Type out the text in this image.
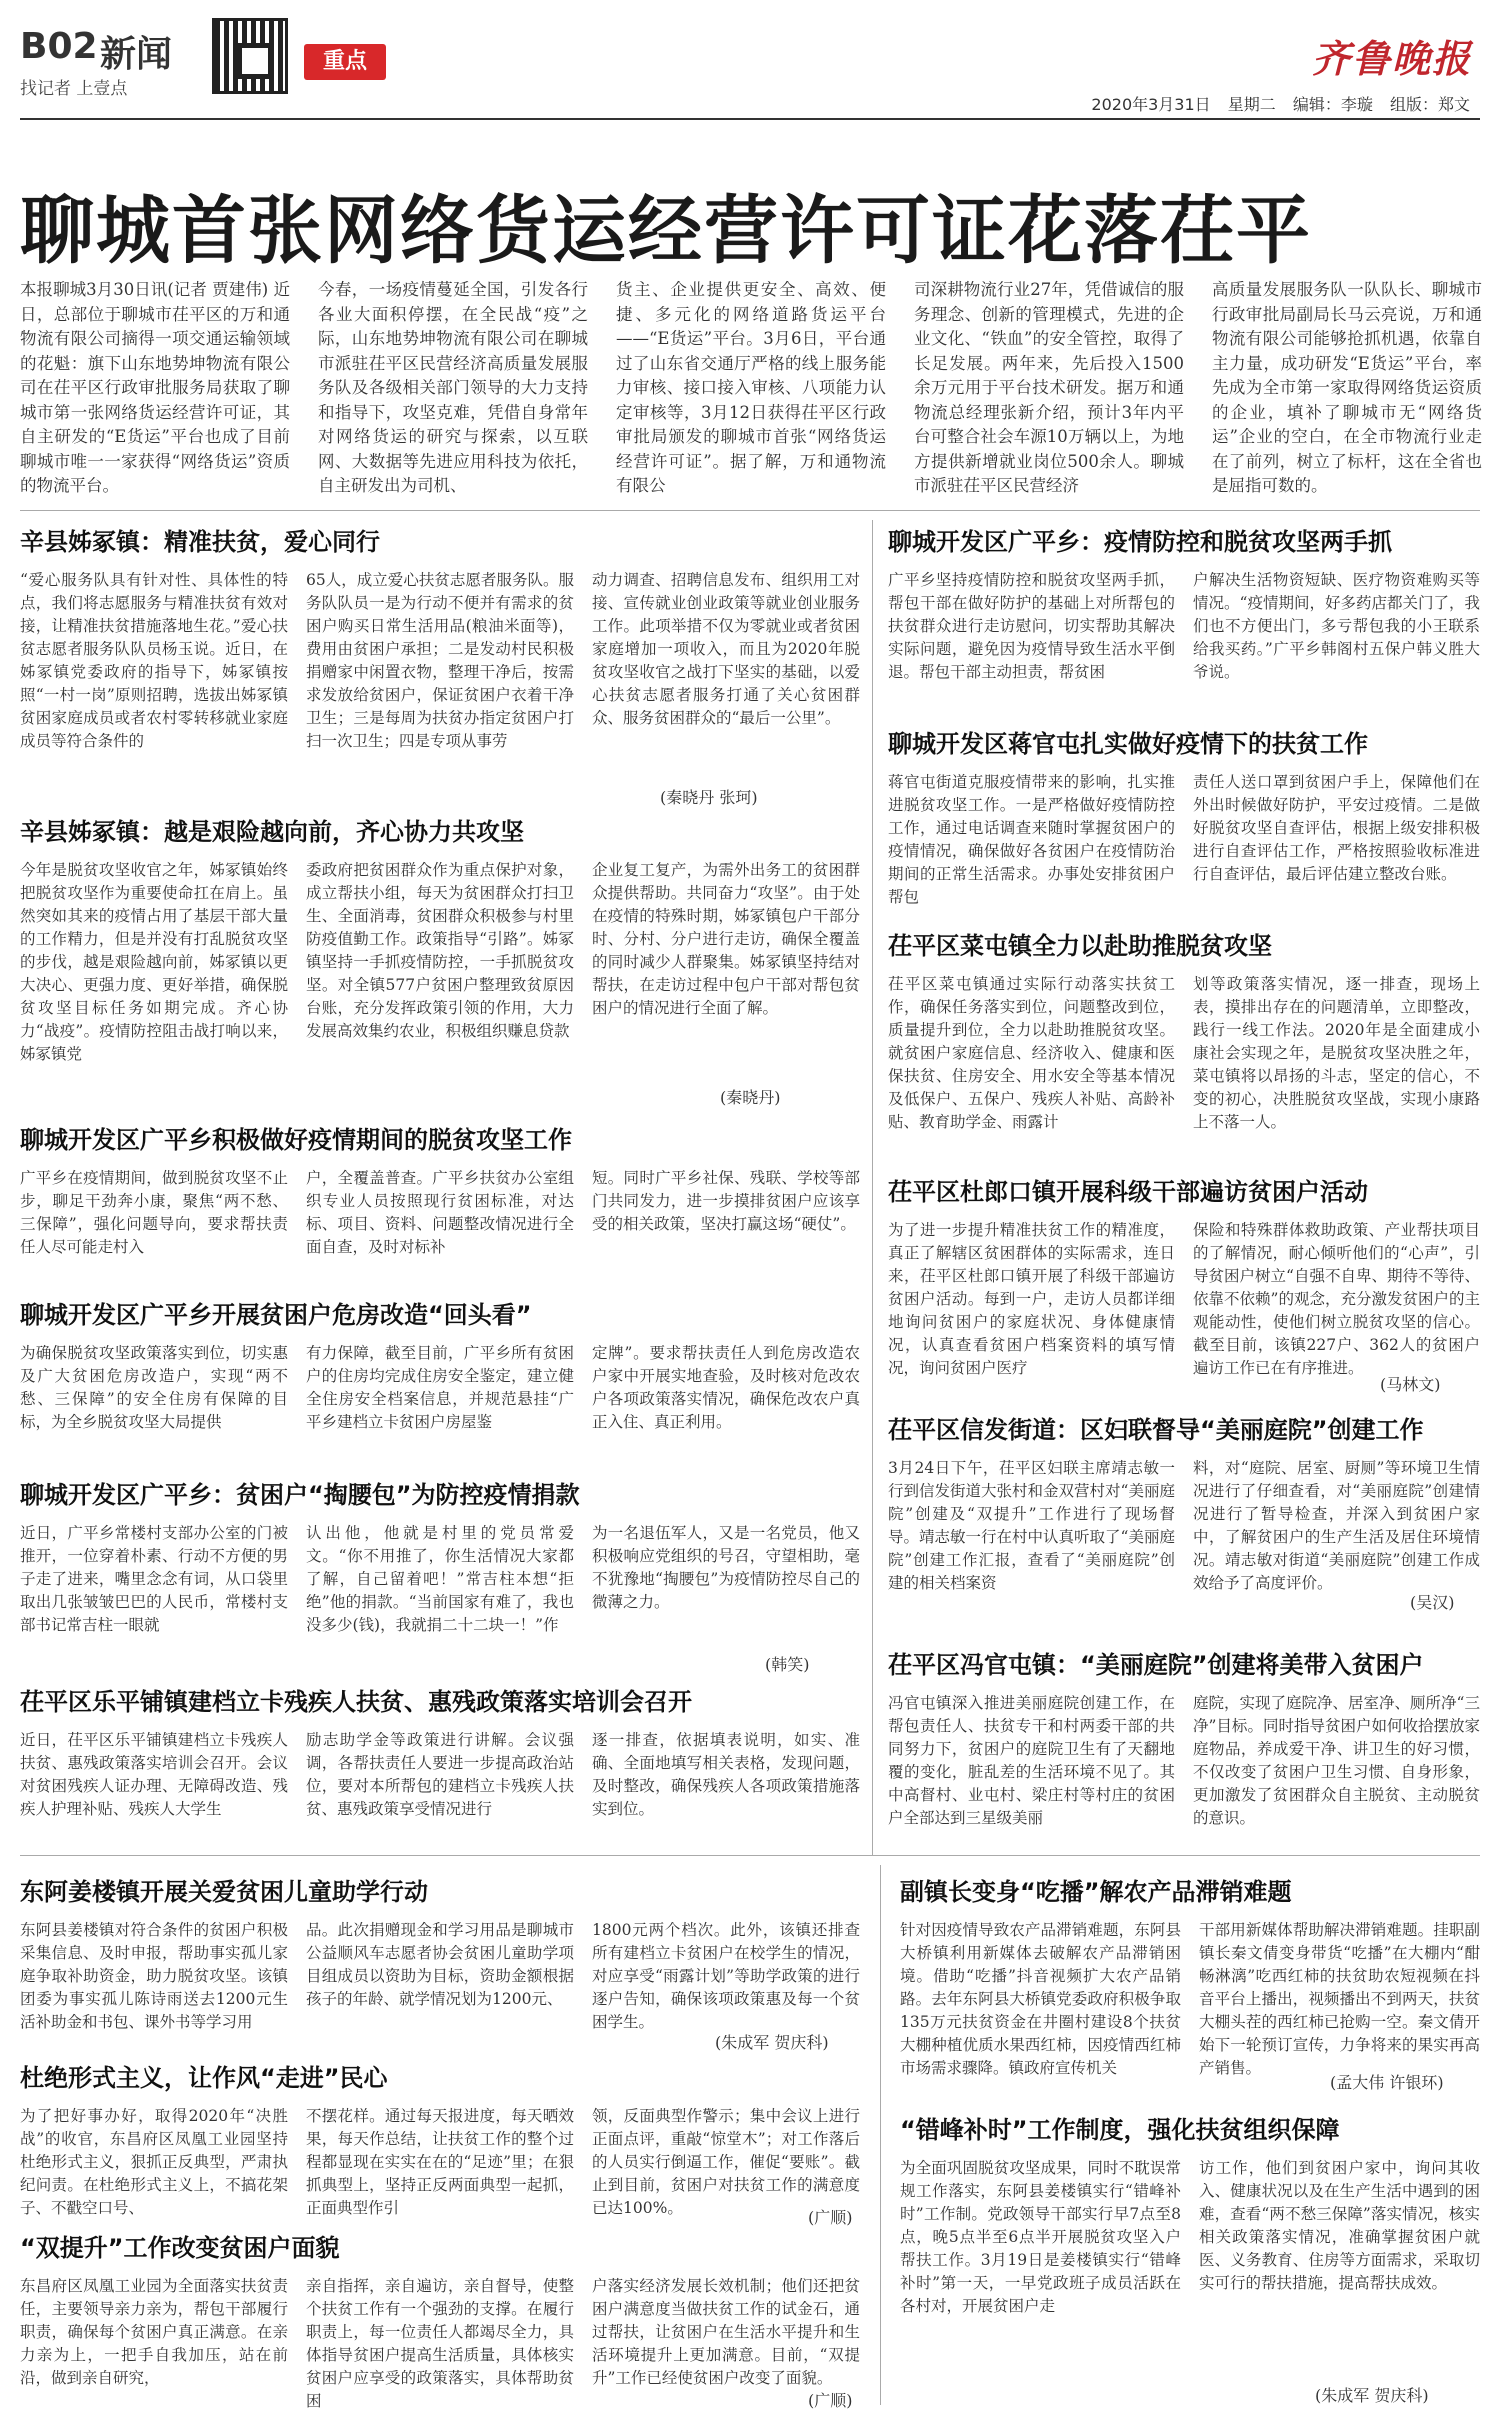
B02 新闻
找记者 上壹点
重点	齐鲁晚报
2020年3月31日 星期二 编辑：李璇 组版：郑文
聊城首张网络货运经营许可证花落茌平

本报聊城3月30日讯(记者 贾建伟) 近日，总部位于聊城市茌平区的万和通物流有限公司摘得一项交通运输领域的花魁：旗下山东地势坤物流有限公司在茌平区行政审批服务局获取了聊城市第一张网络货运经营许可证，其自主研发的“E货运”平台也成了目前聊城市唯一一家获得“网络货运”资质的物流平台。

今春，一场疫情蔓延全国，引发各行各业大面积停摆，在全民战“疫”之际，山东地势坤物流有限公司在聊城市派驻茌平区民营经济高质量发展服务队及各级相关部门领导的大力支持和指导下，攻坚克难，凭借自身常年对网络货运的研究与探索，以互联网、大数据等先进应用科技为依托，自主研发出为司机、

货主、企业提供更安全、高效、便捷、多元化的网络道路货运平台——“E货运”平台。3月6日，平台通过了山东省交通厅严格的线上服务能力审核、接口接入审核、八项能力认定审核等，3月12日获得茌平区行政审批局颁发的聊城市首张“网络货运经营许可证”。据了解，万和通物流有限公

司深耕物流行业27年，凭借诚信的服务理念、创新的管理模式，先进的企业文化、“铁血”的安全管控，取得了长足发展。两年来，先后投入1500余万元用于平台技术研发。据万和通物流总经理张新介绍，预计3年内平台可整合社会车源10万辆以上，为地方提供新增就业岗位500余人。聊城市派驻茌平区民营经济

高质量发展服务队一队队长、聊城市行政审批局副局长马云亮说，万和通物流有限公司能够抢抓机遇，依靠自主力量，成功研发“E货运”平台，率先成为全市第一家取得网络货运资质的企业，填补了聊城市无“网络货运”企业的空白，在全市物流行业走在了前列，树立了标杆，这在全省也是屈指可数的。

辛县姊冢镇：精准扶贫，爱心同行

“爱心服务队具有针对性、具体性的特点，我们将志愿服务与精准扶贫有效对接，让精准扶贫措施落地生花。”爱心扶贫志愿者服务队队员杨玉说。近日，在姊冢镇党委政府的指导下，姊冢镇按照“一村一岗”原则招聘，选拔出姊冢镇贫困家庭成员或者农村零转移就业家庭成员等符合条件的

65人，成立爱心扶贫志愿者服务队。服务队队员一是为行动不便并有需求的贫困户购买日常生活用品(粮油米面等)，费用由贫困户承担；二是发动村民积极捐赠家中闲置衣物，整理干净后，按需求发放给贫困户，保证贫困户衣着干净卫生；三是每周为扶贫办指定贫困户打扫一次卫生；四是专项从事劳

动力调查、招聘信息发布、组织用工对接、宣传就业创业政策等就业创业服务工作。此项举措不仅为零就业或者贫困家庭增加一项收入，而且为2020年脱贫攻坚收官之战打下坚实的基础，以爱心扶贫志愿者服务打通了关心贫困群众、服务贫困群众的“最后一公里”。

(秦晓丹 张珂)
辛县姊冢镇：越是艰险越向前，齐心协力共攻坚

今年是脱贫攻坚收官之年，姊冢镇始终把脱贫攻坚作为重要使命扛在肩上。虽然突如其来的疫情占用了基层干部大量的工作精力，但是并没有打乱脱贫攻坚的步伐，越是艰险越向前，姊冢镇以更大决心、更强力度、更好举措，确保脱贫攻坚目标任务如期完成。齐心协力“战疫”。疫情防控阻击战打响以来，姊冢镇党

委政府把贫困群众作为重点保护对象，成立帮扶小组，每天为贫困群众打扫卫生、全面消毒，贫困群众积极参与村里防疫值勤工作。政策指导“引路”。姊冢镇坚持一手抓疫情防控，一手抓脱贫攻坚。对全镇577户贫困户整理致贫原因台账，充分发挥政策引领的作用，大力发展高效集约农业，积极组织赚息贷款

企业复工复产，为需外出务工的贫困群众提供帮助。共同奋力“攻坚”。由于处在疫情的特殊时期，姊冢镇包户干部分时、分村、分户进行走访，确保全覆盖的同时减少人群聚集。姊冢镇坚持结对帮扶，在走访过程中包户干部对帮包贫困户的情况进行全面了解。

(秦晓丹)
聊城开发区广平乡积极做好疫情期间的脱贫攻坚工作

广平乡在疫情期间，做到脱贫攻坚不止步，聊足干劲奔小康，聚焦“两不愁、三保障”，强化问题导向，要求帮扶责任人尽可能走村入

户，全覆盖普查。广平乡扶贫办公室组织专业人员按照现行贫困标准，对达标、项目、资料、问题整改情况进行全面自查，及时对标补

短。同时广平乡社保、残联、学校等部门共同发力，进一步摸排贫困户应该享受的相关政策，坚决打赢这场“硬仗”。

聊城开发区广平乡开展贫困户危房改造“回头看”

为确保脱贫攻坚政策落实到位，切实惠及广大贫困危房改造户，实现“两不愁、三保障”的安全住房有保障的目标，为全乡脱贫攻坚大局提供

有力保障，截至目前，广平乡所有贫困户的住房均完成住房安全鉴定，建立健全住房安全档案信息，并规范悬挂“广平乡建档立卡贫困户房屋鉴

定牌”。要求帮扶责任人到危房改造农户家中开展实地查验，及时核对危改农户各项政策落实情况，确保危改农户真正入住、真正利用。

聊城开发区广平乡：贫困户“掏腰包”为防控疫情捐款

近日，广平乡常楼村支部办公室的门被推开，一位穿着朴素、行动不方便的男子走了进来，嘴里念念有词，从口袋里取出几张皱皱巴巴的人民币，常楼村支部书记常吉柱一眼就

认出他，他就是村里的党员常爱文。“你不用推了，你生活情况大家都了解，自己留着吧！”常吉柱本想“拒绝”他的捐款。“当前国家有难了，我也没多少(钱)，我就捐二十二块一！”作

为一名退伍军人，又是一名党员，他又积极响应党组织的号召，守望相助，毫不犹豫地“掏腰包”为疫情防控尽自己的微薄之力。

(韩笑)
茌平区乐平铺镇建档立卡残疾人扶贫、惠残政策落实培训会召开

近日，茌平区乐平铺镇建档立卡残疾人扶贫、惠残政策落实培训会召开。会议对贫困残疾人证办理、无障碍改造、残疾人护理补贴、残疾人大学生

励志助学金等政策进行讲解。会议强调，各帮扶责任人要进一步提高政治站位，要对本所帮包的建档立卡残疾人扶贫、惠残政策享受情况进行

逐一排查，依据填表说明，如实、准确、全面地填写相关表格，发现问题，及时整改，确保残疾人各项政策措施落实到位。

聊城开发区广平乡：疫情防控和脱贫攻坚两手抓

广平乡坚持疫情防控和脱贫攻坚两手抓，帮包干部在做好防护的基础上对所帮包的扶贫群众进行走访慰问，切实帮助其解决实际问题，避免因为疫情导致生活水平倒退。帮包干部主动担责，帮贫困

户解决生活物资短缺、医疗物资难购买等情况。“疫情期间，好多药店都关门了，我们也不方便出门，多亏帮包我的小王联系给我买药。”广平乡韩阁村五保户韩义胜大爷说。

聊城开发区蒋官屯扎实做好疫情下的扶贫工作

蒋官屯街道克服疫情带来的影响，扎实推进脱贫攻坚工作。一是严格做好疫情防控工作，通过电话调查来随时掌握贫困户的疫情情况，确保做好各贫困户在疫情防治期间的正常生活需求。办事处安排贫困户帮包

责任人送口罩到贫困户手上，保障他们在外出时候做好防护，平安过疫情。二是做好脱贫攻坚自查评估，根据上级安排积极进行自查评估工作，严格按照验收标准进行自查评估，最后评估建立整改台账。

茌平区菜屯镇全力以赴助推脱贫攻坚

茌平区菜屯镇通过实际行动落实扶贫工作，确保任务落实到位，问题整改到位，质量提升到位，全力以赴助推脱贫攻坚。就贫困户家庭信息、经济收入、健康和医保扶贫、住房安全、用水安全等基本情况及低保户、五保户、残疾人补贴、高龄补贴、教育助学金、雨露计

划等政策落实情况，逐一排查，现场上表，摸排出存在的问题清单，立即整改，践行一线工作法。2020年是全面建成小康社会实现之年，是脱贫攻坚决胜之年，菜屯镇将以昂扬的斗志，坚定的信心，不变的初心，决胜脱贫攻坚战，实现小康路上不落一人。

茌平区杜郎口镇开展科级干部遍访贫困户活动

为了进一步提升精准扶贫工作的精准度，真正了解辖区贫困群体的实际需求，连日来，茌平区杜郎口镇开展了科级干部遍访贫困户活动。每到一户，走访人员都详细地询问贫困户的家庭状况、身体健康情况，认真查看贫困户档案资料的填写情况，询问贫困户医疗

保险和特殊群体救助政策、产业帮扶项目的了解情况，耐心倾听他们的“心声”，引导贫困户树立“自强不自卑、期待不等待、依靠不依赖”的观念，充分激发贫困户的主观能动性，使他们树立脱贫攻坚的信心。截至目前，该镇227户、362人的贫困户遍访工作已在有序推进。

(马林文)
茌平区信发街道：区妇联督导“美丽庭院”创建工作

3月24日下午，茌平区妇联主席靖志敏一行到信发街道大张村和金双营村对“美丽庭院”创建及“双提升”工作进行了现场督导。靖志敏一行在村中认真听取了“美丽庭院”创建工作汇报，查看了“美丽庭院”创建的相关档案资

料，对“庭院、居室、厨厕”等环境卫生情况进行了仔细查看，对“美丽庭院”创建情况进行了暂导检查，并深入到贫困户家中，了解贫困户的生产生活及居住环境情况。靖志敏对街道“美丽庭院”创建工作成效给予了高度评价。

(吴汉)
茌平区冯官屯镇：“美丽庭院”创建将美带入贫困户

冯官屯镇深入推进美丽庭院创建工作，在帮包责任人、扶贫专干和村两委干部的共同努力下，贫困户的庭院卫生有了天翻地覆的变化，脏乱差的生活环境不见了。其中高督村、业屯村、梁庄村等村庄的贫困户全部达到三星级美丽

庭院，实现了庭院净、居室净、厕所净“三净”目标。同时指导贫困户如何收拾摆放家庭物品，养成爱干净、讲卫生的好习惯，不仅改变了贫困户卫生习惯、自身形象，更加激发了贫困群众自主脱贫、主动脱贫的意识。

东阿姜楼镇开展关爱贫困儿童助学行动

东阿县姜楼镇对符合条件的贫困户积极采集信息、及时申报，帮助事实孤儿家庭争取补助资金，助力脱贫攻坚。该镇团委为事实孤儿陈诗雨送去1200元生活补助金和书包、课外书等学习用

品。此次捐赠现金和学习用品是聊城市公益顺风车志愿者协会贫困儿童助学项目组成员以资助为目标，资助金额根据孩子的年龄、就学情况划为1200元、

1800元两个档次。此外，该镇还排查所有建档立卡贫困户在校学生的情况，对应享受“雨露计划”等助学政策的进行逐户告知，确保该项政策惠及每一个贫困学生。

(朱成军 贺庆科)
杜绝形式主义，让作风“走进”民心

为了把好事办好，取得2020年“决胜战”的收官，东昌府区凤凰工业园坚持杜绝形式主义，狠抓正反典型，严肃执纪问责。在杜绝形式主义上，不搞花架子、不戳空口号、

不摆花样。通过每天报进度，每天晒效果，每天作总结，让扶贫工作的整个过程都显现在实实在在的“足迹”里；在狠抓典型上，坚持正反两面典型一起抓，正面典型作引

领，反面典型作警示；集中会议上进行正面点评，重敲“惊堂木”；对工作落后的人员实行倒逼工作，催促“要账”。截止到目前，贫困户对扶贫工作的满意度已达100%。	(广顺)
“双提升”工作改变贫困户面貌

东昌府区凤凰工业园为全面落实扶贫责任，主要领导亲力亲为，帮包干部履行职责，确保每个贫困户真正满意。在亲力亲为上，一把手自我加压，站在前沿，做到亲自研究，

亲自指挥，亲自遍访，亲自督导，使整个扶贫工作有一个强劲的支撑。在履行职责上，每一位责任人都竭尽全力，具体指导贫困户提高生活质量，具体核实贫困户应享受的政策落实，具体帮助贫困

户落实经济发展长效机制；他们还把贫困户满意度当做扶贫工作的试金石，通过帮扶，让贫困户在生活水平提升和生活环境提升上更加满意。目前，“双提升”工作已经使贫困户改变了面貌。

(广顺)
副镇长变身“吃播”解农产品滞销难题

针对因疫情导致农产品滞销难题，东阿县大桥镇利用新媒体去破解农产品滞销困境。借助“吃播”抖音视频扩大农产品销路。去年东阿县大桥镇党委政府积极争取135万元扶贫资金在井圈村建设8个扶贫大棚种植优质水果西红柿，因疫情西红柿市场需求骤降。镇政府宣传机关

干部用新媒体帮助解决滞销难题。挂职副镇长秦文倩变身带货“吃播”在大棚内“酣畅淋漓”吃西红柿的扶贫助农短视频在抖音平台上播出，视频播出不到两天，扶贫大棚头茬的西红柿已抢购一空。秦文倩开始下一轮预订宣传，力争将来的果实再高产销售。

(孟大伟 许银环)
“错峰补时”工作制度，强化扶贫组织保障

为全面巩固脱贫攻坚成果，同时不耽误常规工作落实，东阿县姜楼镇实行“错峰补时”工作制。党政领导干部实行早7点至8点，晚5点半至6点半开展脱贫攻坚入户帮扶工作。3月19日是姜楼镇实行“错峰补时”第一天，一早党政班子成员活跃在各村对，开展贫困户走

访工作，他们到贫困户家中，询问其收入、健康状况以及在生产生活中遇到的困难，查看“两不愁三保障”落实情况，核实相关政策落实情况，准确掌握贫困户就医、义务教育、住房等方面需求，采取切实可行的帮扶措施，提高帮扶成效。

(朱成军 贺庆科)
